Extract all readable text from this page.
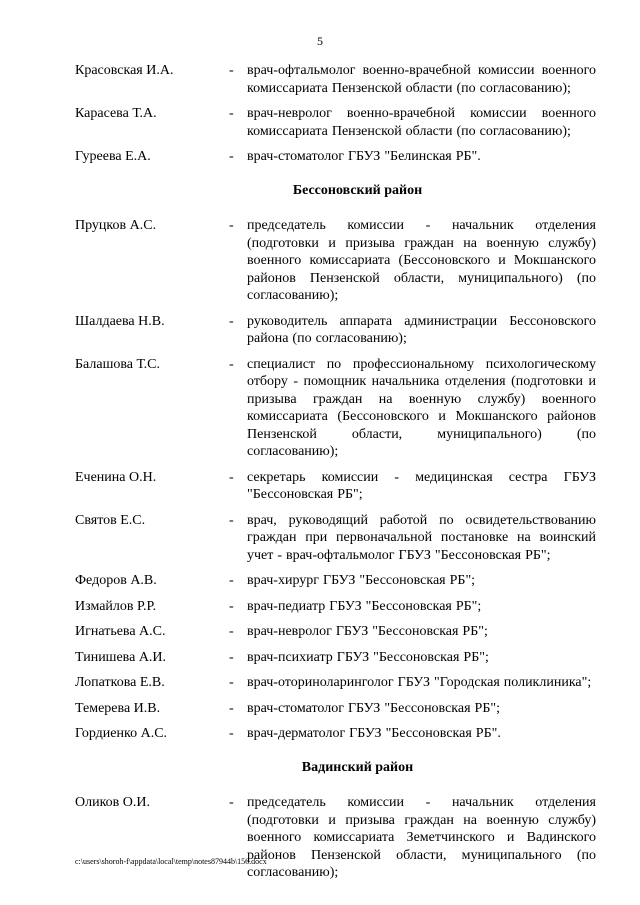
5
Красовская И.А.	- врач-офтальмолог военно-врачебной комиссии военного комиссариата Пензенской области (по согласованию);
Карасева Т.А.	- врач-невролог военно-врачебной комиссии военного комиссариата Пензенской области (по согласованию);
Гуреева Е.А.	- врач-стоматолог ГБУЗ "Белинская РБ".
Бессоновский район
Пруцков А.С.	- председатель комиссии - начальник отделения (подготовки и призыва граждан на военную службу) военного комиссариата (Бессоновского и Мокшанского районов Пензенской области, муниципального) (по согласованию);
Шалдаева Н.В.	- руководитель аппарата администрации Бессоновского района (по согласованию);
Балашова Т.С.	- специалист по профессиональному психологическому отбору - помощник начальника отделения (подготовки и призыва граждан на военную службу) военного комиссариата (Бессоновского и Мокшанского районов Пензенской области, муниципального) (по согласованию);
Еченина О.Н.	- секретарь комиссии - медицинская сестра ГБУЗ "Бессоновская РБ";
Святов Е.С.	- врач, руководящий работой по освидетельствованию граждан при первоначальной постановке на воинский учет - врач-офтальмолог ГБУЗ "Бессоновская РБ";
Федоров А.В.	- врач-хирург ГБУЗ "Бессоновская РБ";
Измайлов Р.Р.	- врач-педиатр ГБУЗ "Бессоновская РБ";
Игнатьева А.С.	- врач-невролог ГБУЗ "Бессоновская РБ";
Тинишева А.И.	- врач-психиатр ГБУЗ "Бессоновская РБ";
Лопаткова Е.В.	- врач-оториноларинголог ГБУЗ "Городская поликлиника";
Темерева И.В.	- врач-стоматолог ГБУЗ "Бессоновская РБ";
Гордиенко А.С.	- врач-дерматолог ГБУЗ "Бессоновская РБ".
Вадинский район
Оликов О.И.	- председатель комиссии - начальник отделения (подготовки и призыва граждан на военную службу) военного комиссариата Земетчинского и Вадинского районов Пензенской области, муниципального (по согласованию);
c:\users\shoroh-f\appdata\local\temp\notes87944b\156.docx
